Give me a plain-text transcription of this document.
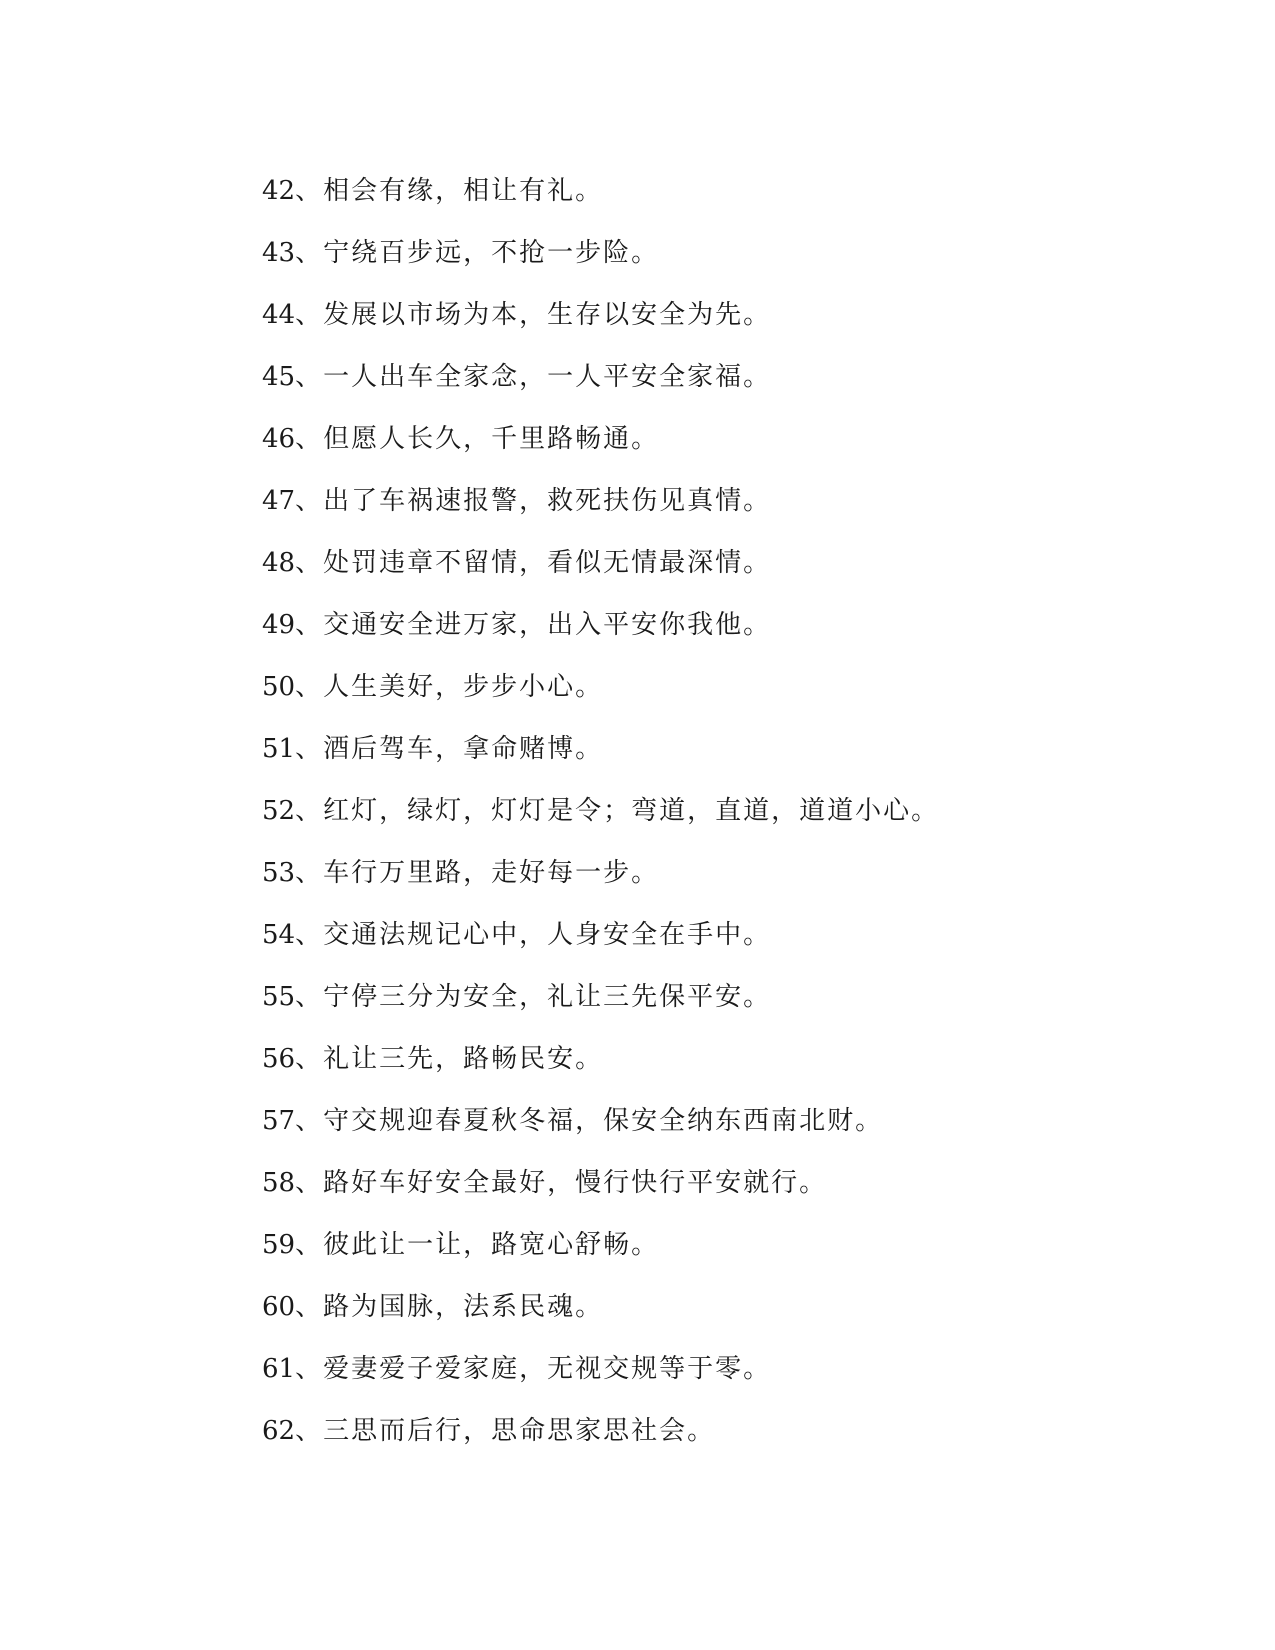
42、相会有缘，相让有礼。
43、宁绕百步远，不抢一步险。
44、发展以市场为本，生存以安全为先。
45、一人出车全家念，一人平安全家福。
46、但愿人长久，千里路畅通。
47、出了车祸速报警，救死扶伤见真情。
48、处罚违章不留情，看似无情最深情。
49、交通安全进万家，出入平安你我他。
50、人生美好，步步小心。
51、酒后驾车，拿命赌博。
52、红灯，绿灯，灯灯是令；弯道，直道，道道小心。
53、车行万里路，走好每一步。
54、交通法规记心中，人身安全在手中。
55、宁停三分为安全，礼让三先保平安。
56、礼让三先，路畅民安。
57、守交规迎春夏秋冬福，保安全纳东西南北财。
58、路好车好安全最好，慢行快行平安就行。
59、彼此让一让，路宽心舒畅。
60、路为国脉，法系民魂。
61、爱妻爱子爱家庭，无视交规等于零。
62、三思而后行，思命思家思社会。
